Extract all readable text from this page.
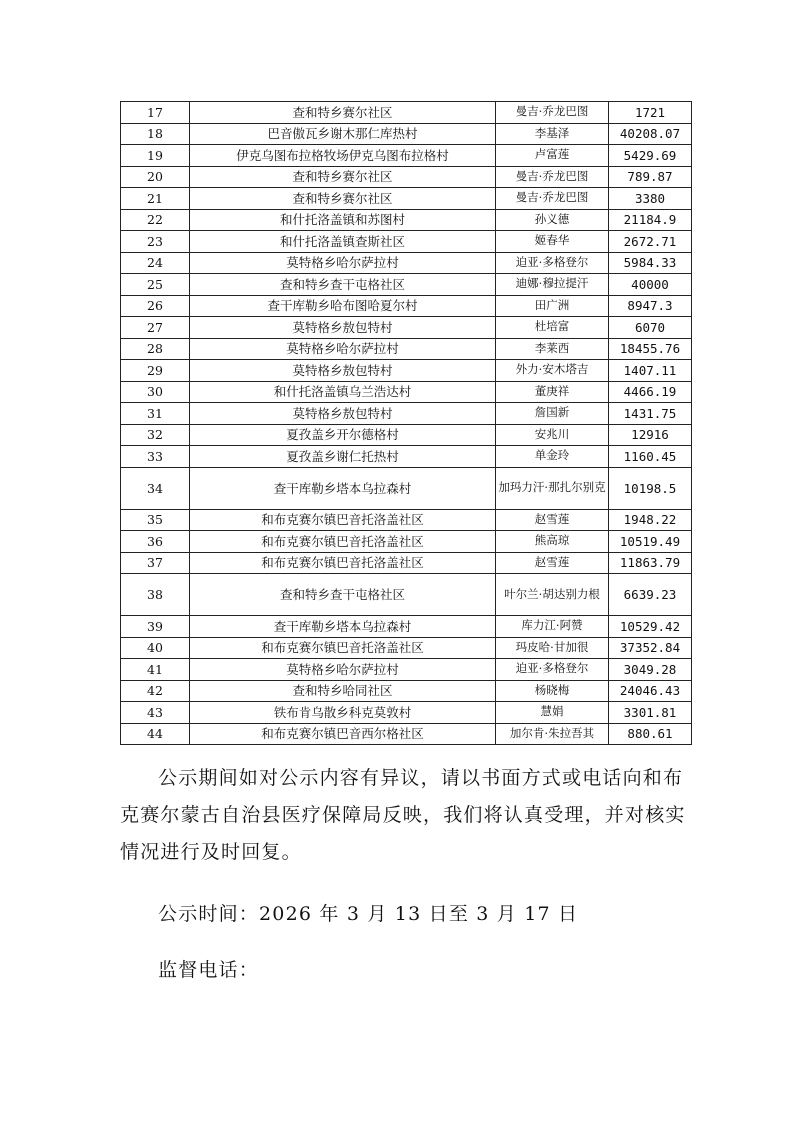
17	查和特乡赛尔社区	曼吉·乔龙巴图	1721
18	巴音傲瓦乡谢木那仁库热村	李基泽	40208.07
19	伊克乌图布拉格牧场伊克乌图布拉格村	卢富莲	5429.69
20	查和特乡赛尔社区	曼吉·乔龙巴图	789.87
21	查和特乡赛尔社区	曼吉·乔龙巴图	3380
22	和什托洛盖镇和苏图村	孙义德	21184.9
23	和什托洛盖镇查斯社区	姬春华	2672.71
24	莫特格乡哈尔萨拉村	迫亚·多格登尔	5984.33
25	查和特乡查干屯格社区	迪娜·穆拉提汗	40000
26	查干库勒乡哈布图哈夏尔村	田广洲	8947.3
27	莫特格乡敖包特村	杜培富	6070
28	莫特格乡哈尔萨拉村	李莱西	18455.76
29	莫特格乡敖包特村	外力·安木塔吉	1407.11
30	和什托洛盖镇乌兰浩达村	董庚祥	4466.19
31	莫特格乡敖包特村	詹国新	1431.75
32	夏孜盖乡开尔德格村	安兆川	12916
33	夏孜盖乡谢仁托热村	单金玲	1160.45
34	查干库勒乡塔本乌拉森村	加玛力汗·那扎尔别克	10198.5
35	和布克赛尔镇巴音托洛盖社区	赵雪莲	1948.22
36	和布克赛尔镇巴音托洛盖社区	熊高琼	10519.49
37	和布克赛尔镇巴音托洛盖社区	赵雪莲	11863.79
38	查和特乡查干屯格社区	叶尔兰·胡达别力根	6639.23
39	查干库勒乡塔本乌拉森村	库力江·阿赞	10529.42
40	和布克赛尔镇巴音托洛盖社区	玛皮哈·甘加很	37352.84
41	莫特格乡哈尔萨拉村	迫亚·多格登尔	3049.28
42	查和特乡哈同社区	杨晓梅	24046.43
43	铁布肯乌散乡科克莫敦村	慧娟	3301.81
44	和布克赛尔镇巴音西尔格社区	加尔肯·朱拉吾其	880.61

公示期间如对公示内容有异议，请以书面方式或电话向和布克赛尔蒙古自治县医疗保障局反映，我们将认真受理，并对核实情况进行及时回复。

公示时间：2026 年 3 月 13 日至 3 月 17 日

监督电话：
